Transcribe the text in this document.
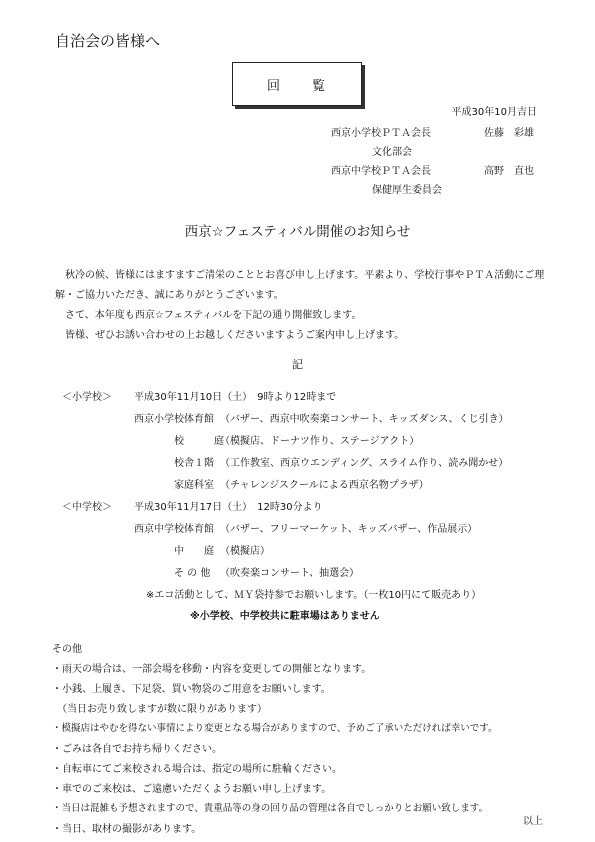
自治会の皆様へ
回　　覧
平成30年10月吉日
西京小学校ＰＴＡ会長	佐藤　彩雄
文化部会
西京中学校ＰＴＡ会長	高野　直也
保健厚生委員会
西京☆フェスティバル開催のお知らせ
秋冷の候、皆様にはますますご清栄のこととお喜び申し上げます。平素より、学校行事やＰＴＡ活動にご理解・ご協力いただき、誠にありがとうございます。
さて、本年度も西京☆フェスティバルを下記の通り開催致します。
皆様、ぜひお誘い合わせの上お越しくださいますようご案内申し上げます。
記
＜小学校＞ 平成30年11月10日（土）　9時より12時まで
西京小学校体育館 （バザー、西京中吹奏楽コンサート、キッズダンス、くじ引き）
校　　　庭
（模擬店、ドーナツ作り、ステージアクト）
校舎１階 （工作教室、西京ウエンディング、スライム作り、読み聞かせ）
家庭科室 （チャレンジスクールによる西京名物プラザ）
＜中学校＞ 平成30年11月17日（土）　12時30分より
西京中学校体育館 （バザー、フリーマーケット、キッズバザー、作品展示）
中　　庭 （模擬店）
そ の 他 （吹奏楽コンサート、抽選会）
※エコ活動として、ＭＹ袋持参でお願いします。（一枚10円にて販売あり）
※小学校、中学校共に駐車場はありません
その他
・雨天の場合は、一部会場を移動・内容を変更しての開催となります。
・小銭、上履き、下足袋、買い物袋のご用意をお願いします。
　（当日お売り致しますが数に限りがあります）
・模擬店はやむを得ない事情により変更となる場合がありますので、予めご了承いただければ幸いです。
・ごみは各自でお持ち帰りください。
・自転車にてご来校される場合は、指定の場所に駐輪ください。
・車でのご来校は、ご遠慮いただくようお願い申し上げます。
・当日は混雑も予想されますので、貴重品等の身の回り品の管理は各自でしっかりとお願い致します。
・当日、取材の撮影があります。
以上
